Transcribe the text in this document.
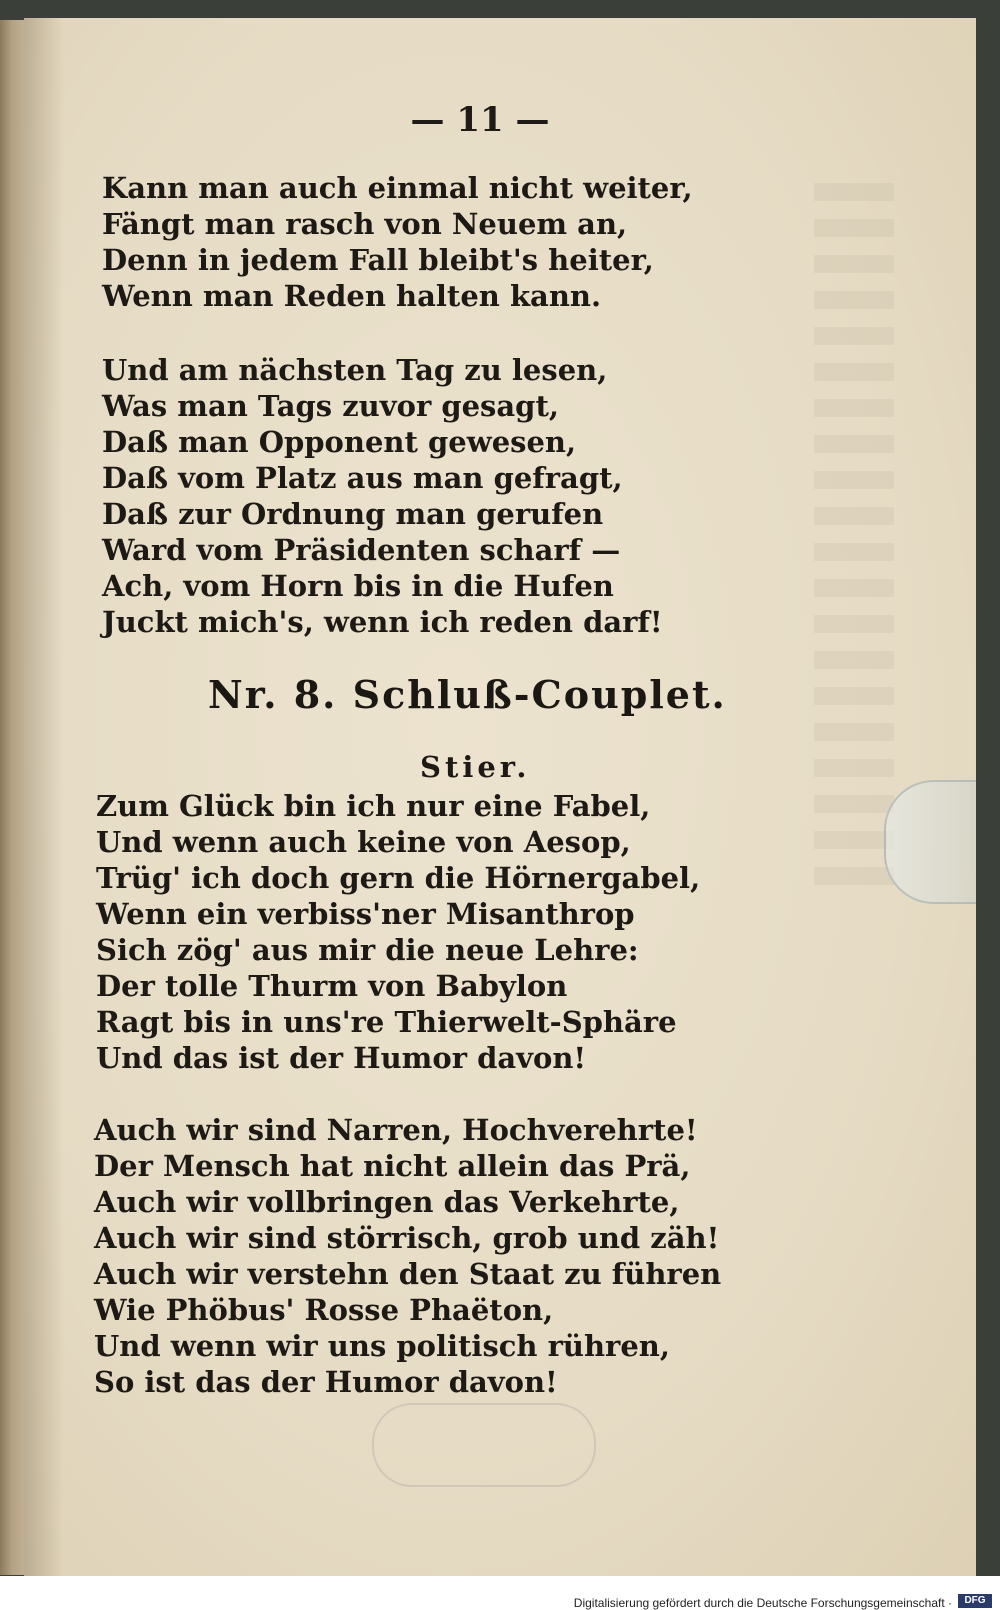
— 11 —
Kann man auch einmal nicht weiter,
Fängt man rasch von Neuem an,
Denn in jedem Fall bleibt's heiter,
Wenn man Reden halten kann.
Und am nächsten Tag zu lesen,
Was man Tags zuvor gesagt,
Daß man Opponent gewesen,
Daß vom Platz aus man gefragt,
Daß zur Ordnung man gerufen
Ward vom Präsidenten scharf —
Ach, vom Horn bis in die Hufen
Juckt mich's, wenn ich reden darf!
Nr. 8. Schluß-Couplet.
Stier.
Zum Glück bin ich nur eine Fabel,
Und wenn auch keine von Aesop,
Trüg' ich doch gern die Hörnergabel,
Wenn ein verbiss'ner Misanthrop
Sich zög' aus mir die neue Lehre:
Der tolle Thurm von Babylon
Ragt bis in uns're Thierwelt-Sphäre
Und das ist der Humor davon!
Auch wir sind Narren, Hochverehrte!
Der Mensch hat nicht allein das Prä,
Auch wir vollbringen das Verkehrte,
Auch wir sind störrisch, grob und zäh!
Auch wir verstehn den Staat zu führen
Wie Phöbus' Rosse Phaëton,
Und wenn wir uns politisch rühren,
So ist das der Humor davon!
Digitalisierung gefördert durch die Deutsche Forschungsgemeinschaft ·	DFG
